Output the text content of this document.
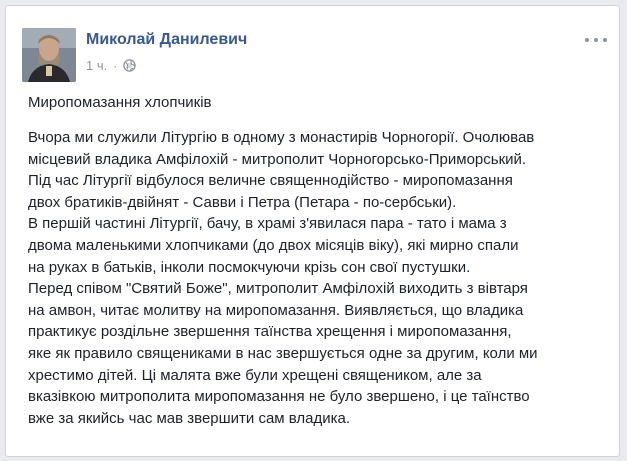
Миколай Данилевич
1 ч. ·
Миропомазання хлопчиків

Вчора ми служили Літургію в одному з монастирів Чорногорії. Очолював

місцевий владика Амфілохій - митрополит Чорногорсько-Приморський.

Під час Літургії відбулося величне священнодійство - миропомазання

двох братиків-двійнят - Савви і Петра (Петара - по-сербськи).

В першій частині Літургії, бачу, в храмі з'явилася пара - тато і мама з

двома маленькими хлопчиками (до двох місяців віку), які мирно спали

на руках в батьків, інколи посмокчуючи крізь сон свої пустушки.

Перед співом "Святий Боже", митрополит Амфілохій виходить з вівтаря

на амвон, читає молитву на миропомазання. Виявляється, що владика

практикує роздільне звершення таїнства хрещення і миропомазання,

яке як правило священиками в нас звершується одне за другим, коли ми

хрестимо дітей. Ці малята вже були хрещені священиком, але за

вказівкою митрополита миропомазання не було звершено, і це таїнство

вже за якийсь час мав звершити сам владика.
